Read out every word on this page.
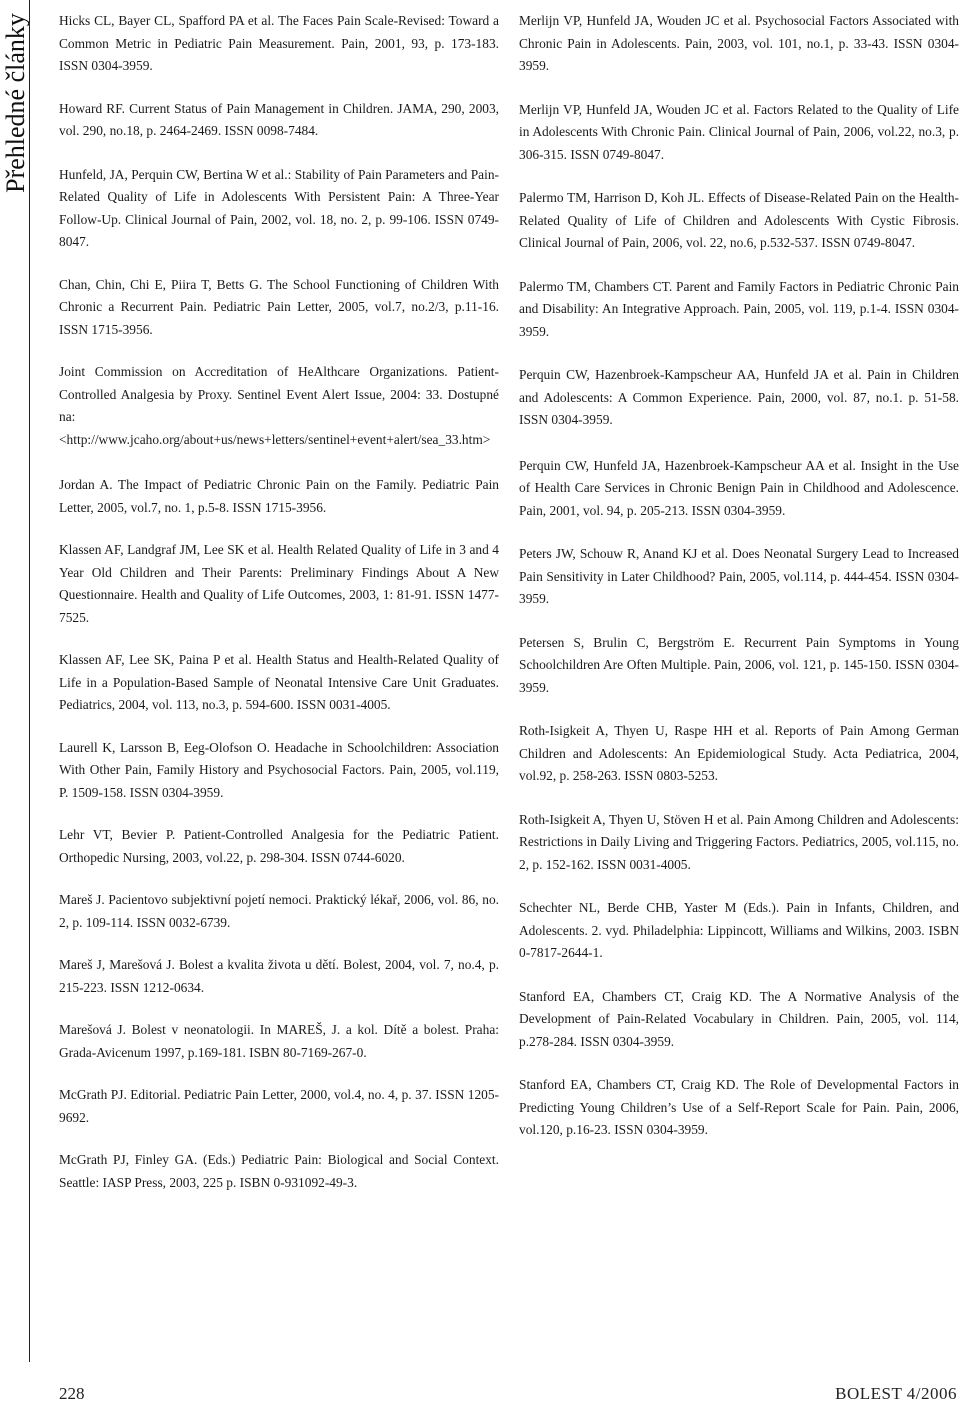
Přehledné články Hicks CL, Bayer CL, Spafford PA et al. The Faces Pain Scale-Revised: Toward a Common Metric in Pediatric Pain Measurement. Pain, 2001, 93, p. 173-183. ISSN 0304-3959.

Howard RF. Current Status of Pain Management in Children. JAMA, 290, 2003, vol. 290, no.18, p. 2464-2469. ISSN 0098-7484.

Hunfeld, JA, Perquin CW, Bertina W et al.: Stability of Pain Parameters and Pain-Related Quality of Life in Adolescents With Persistent Pain: A Three-Year Follow-Up. Clinical Journal of Pain, 2002, vol. 18, no. 2, p. 99-106. ISSN 0749-8047.

Chan, Chin, Chi E, Piira T, Betts G. The School Functioning of Children With Chronic a Recurrent Pain. Pediatric Pain Letter, 2005, vol.7, no.2/3, p.11-16. ISSN 1715-3956.

Joint Commission on Accreditation of HeAlthcare Organizations. Patient-Controlled Analgesia by Proxy. Sentinel Event Alert Issue, 2004: 33. Dostupné na: <http://www.jcaho.org/about+us/news+letters/sentinel+event+alert/sea_33.htm>

Jordan A. The Impact of Pediatric Chronic Pain on the Family. Pediatric Pain Letter, 2005, vol.7, no. 1, p.5-8. ISSN 1715-3956.

Klassen AF, Landgraf JM, Lee SK et al. Health Related Quality of Life in 3 and 4 Year Old Children and Their Parents: Preliminary Findings About A New Questionnaire. Health and Quality of Life Outcomes, 2003, 1: 81-91. ISSN 1477-7525.

Klassen AF, Lee SK, Paina P et al. Health Status and Health-Related Quality of Life in a Population-Based Sample of Neonatal Intensive Care Unit Graduates. Pediatrics, 2004, vol. 113, no.3, p. 594-600. ISSN 0031-4005.

Laurell K, Larsson B, Eeg-Olofson O. Headache in Schoolchildren: Association With Other Pain, Family History and Psychosocial Factors. Pain, 2005, vol.119, P. 1509-158. ISSN 0304-3959.

Lehr VT, Bevier P. Patient-Controlled Analgesia for the Pediatric Patient. Orthopedic Nursing, 2003, vol.22, p. 298-304. ISSN 0744-6020.

Mareš J. Pacientovo subjektivní pojetí nemoci. Praktický lékař, 2006, vol. 86, no. 2, p. 109-114. ISSN 0032-6739.

Mareš J, Marešová J. Bolest a kvalita života u dětí. Bolest, 2004, vol. 7, no.4, p. 215-223. ISSN 1212-0634.

Marešová J. Bolest v neonatologii. In MAREŠ, J. a kol. Dítě a bolest. Praha: Grada-Avicenum 1997, p.169-181. ISBN 80-7169-267-0.

McGrath PJ. Editorial. Pediatric Pain Letter, 2000, vol.4, no. 4, p. 37. ISSN 1205-9692.

McGrath PJ, Finley GA. (Eds.) Pediatric Pain: Biological and Social Context. Seattle: IASP Press, 2003, 225 p. ISBN 0-931092-49-3.

Merlijn VP, Hunfeld JA, Wouden JC et al. Psychosocial Factors Associated with Chronic Pain in Adolescents. Pain, 2003, vol. 101, no.1, p. 33-43. ISSN 0304-3959.

Merlijn VP, Hunfeld JA, Wouden JC et al. Factors Related to the Quality of Life in Adolescents With Chronic Pain. Clinical Journal of Pain, 2006, vol.22, no.3, p. 306-315. ISSN 0749-8047.

Palermo TM, Harrison D, Koh JL. Effects of Disease-Related Pain on the Health-Related Quality of Life of Children and Adolescents With Cystic Fibrosis. Clinical Journal of Pain, 2006, vol. 22, no.6, p.532-537. ISSN 0749-8047.

Palermo TM, Chambers CT. Parent and Family Factors in Pediatric Chronic Pain and Disability: An Integrative Approach. Pain, 2005, vol. 119, p.1-4. ISSN 0304-3959.

Perquin CW, Hazenbroek-Kampscheur AA, Hunfeld JA et al. Pain in Children and Adolescents: A Common Experience. Pain, 2000, vol. 87, no.1. p. 51-58. ISSN 0304-3959.

Perquin CW, Hunfeld JA, Hazenbroek-Kampscheur AA et al. Insight in the Use of Health Care Services in Chronic Benign Pain in Childhood and Adolescence. Pain, 2001, vol. 94, p. 205-213. ISSN 0304-3959.

Peters JW, Schouw R, Anand KJ et al. Does Neonatal Surgery Lead to Increased Pain Sensitivity in Later Childhood? Pain, 2005, vol.114, p. 444-454. ISSN 0304-3959.

Petersen S, Brulin C, Bergström E. Recurrent Pain Symptoms in Young Schoolchildren Are Often Multiple. Pain, 2006, vol. 121, p. 145-150. ISSN 0304-3959.

Roth-Isigkeit A, Thyen U, Raspe HH et al. Reports of Pain Among German Children and Adolescents: An Epidemiological Study. Acta Pediatrica, 2004, vol.92, p. 258-263. ISSN 0803-5253.

Roth-Isigkeit A, Thyen U, Stöven H et al. Pain Among Children and Adolescents: Restrictions in Daily Living and Triggering Factors. Pediatrics, 2005, vol.115, no. 2, p. 152-162. ISSN 0031-4005.

Schechter NL, Berde CHB, Yaster M (Eds.). Pain in Infants, Children, and Adolescents. 2. vyd. Philadelphia: Lippincott, Williams and Wilkins, 2003. ISBN 0-7817-2644-1.

Stanford EA, Chambers CT, Craig KD. The A Normative Analysis of the Development of Pain-Related Vocabulary in Children. Pain, 2005, vol. 114, p.278-284. ISSN 0304-3959.

Stanford EA, Chambers CT, Craig KD. The Role of Developmental Factors in Predicting Young Children’s Use of a Self-Report Scale for Pain. Pain, 2006, vol.120, p.16-23. ISSN 0304-3959.

228	BOLEST 4/2006
